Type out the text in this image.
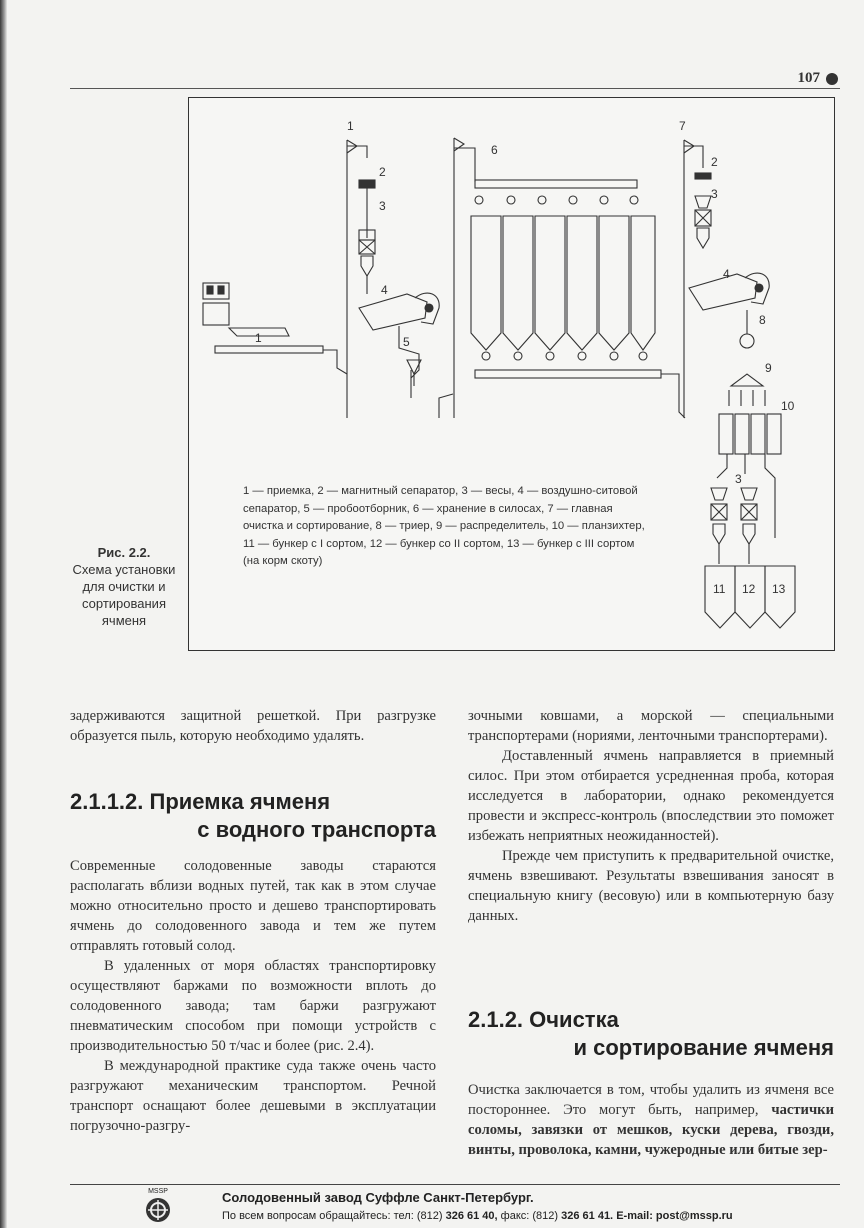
107
1
2
3
1
4
5
6
7
2
3
4
8
9
10
3
11 12 13
1 — приемка, 2 — магнитный сепаратор, 3 — весы, 4 — воздушно-ситовой сепаратор, 5 — пробоотборник, 6 — хранение в силосах, 7 — главная очистка и сортирование, 8 — триер, 9 — распределитель, 10 — планзихтер, 11 — бункер с I сортом, 12 — бункер со II сортом, 13 — бункер с III сортом (на корм скоту)
Рис. 2.2.
Схема установки для очистки и сортирования ячменя

задерживаются защитной решеткой. При разгрузке образуется пыль, которую необходимо удалять.

2.1.1.2. Приемка ячменя
с водного транспорта

Современные солодовенные заводы стараются располагать вблизи водных путей, так как в этом случае можно относительно просто и дешево транспортировать ячмень до солодовенного завода и тем же путем отправлять готовый солод.

В удаленных от моря областях транспортировку осуществляют баржами по возможности вплоть до солодовенного завода; там баржи разгружают пневматическим способом при помощи устройств с производительностью 50 т/час и более (рис. 2.4).

В международной практике суда также очень часто разгружают механическим транспортом. Речной транспорт оснащают более дешевыми в эксплуатации погрузочно-разгру-

зочными ковшами, а морской — специальными транспортерами (нориями, ленточными транспортерами).

Доставленный ячмень направляется в приемный силос. При этом отбирается усредненная проба, которая исследуется в лаборатории, однако рекомендуется провести и экспресс-контроль (впоследствии это поможет избежать неприятных неожиданностей).

Прежде чем приступить к предварительной очистке, ячмень взвешивают. Результаты взвешивания заносят в специальную книгу (весовую) или в компьютерную базу данных.

2.1.2. Очистка
и сортирование ячменя

Очистка заключается в том, чтобы удалить из ячменя все постороннее. Это могут быть, например, частички соломы, завязки от мешков, куски дерева, гвозди, винты, проволока, камни, чужеродные или битые зер-

MSSP	Солодовенный завод Суффле Санкт-Петербург.
По всем вопросам обращайтесь: тел: (812) 326 61 40, факс: (812) 326 61 41. E-mail: post@mssp.ru
